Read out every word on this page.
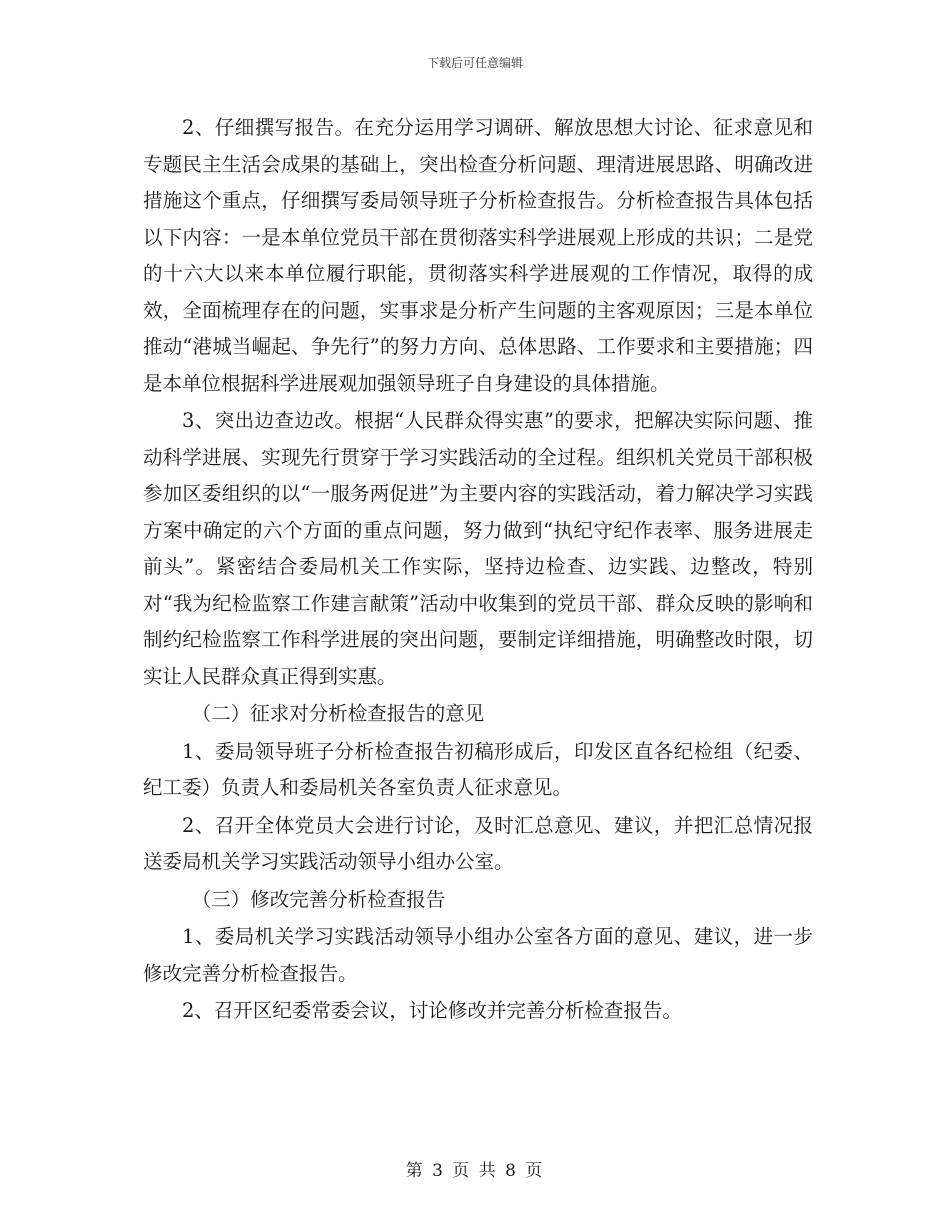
下载后可任意编辑

2、仔细撰写报告。在充分运用学习调研、解放思想大讨论、征求意见和专题民主生活会成果的基础上，突出检查分析问题、理清进展思路、明确改进措施这个重点，仔细撰写委局领导班子分析检查报告。分析检查报告具体包括以下内容：一是本单位党员干部在贯彻落实科学进展观上形成的共识；二是党的十六大以来本单位履行职能，贯彻落实科学进展观的工作情况，取得的成效，全面梳理存在的问题，实事求是分析产生问题的主客观原因；三是本单位推动“港城当崛起、争先行”的努力方向、总体思路、工作要求和主要措施；四是本单位根据科学进展观加强领导班子自身建设的具体措施。

3、突出边查边改。根据“人民群众得实惠”的要求，把解决实际问题、推动科学进展、实现先行贯穿于学习实践活动的全过程。组织机关党员干部积极参加区委组织的以“一服务两促进”为主要内容的实践活动，着力解决学习实践方案中确定的六个方面的重点问题，努力做到“执纪守纪作表率、服务进展走前头”。紧密结合委局机关工作实际，坚持边检查、边实践、边整改，特别对“我为纪检监察工作建言献策”活动中收集到的党员干部、群众反映的影响和制约纪检监察工作科学进展的突出问题，要制定详细措施，明确整改时限，切实让人民群众真正得到实惠。

（二）征求对分析检查报告的意见

1、委局领导班子分析检查报告初稿形成后，印发区直各纪检组（纪委、纪工委）负责人和委局机关各室负责人征求意见。

2、召开全体党员大会进行讨论，及时汇总意见、建议，并把汇总情况报送委局机关学习实践活动领导小组办公室。

（三）修改完善分析检查报告

1、委局机关学习实践活动领导小组办公室各方面的意见、建议，进一步修改完善分析检查报告。

2、召开区纪委常委会议，讨论修改并完善分析检查报告。

第 3 页 共 8 页
